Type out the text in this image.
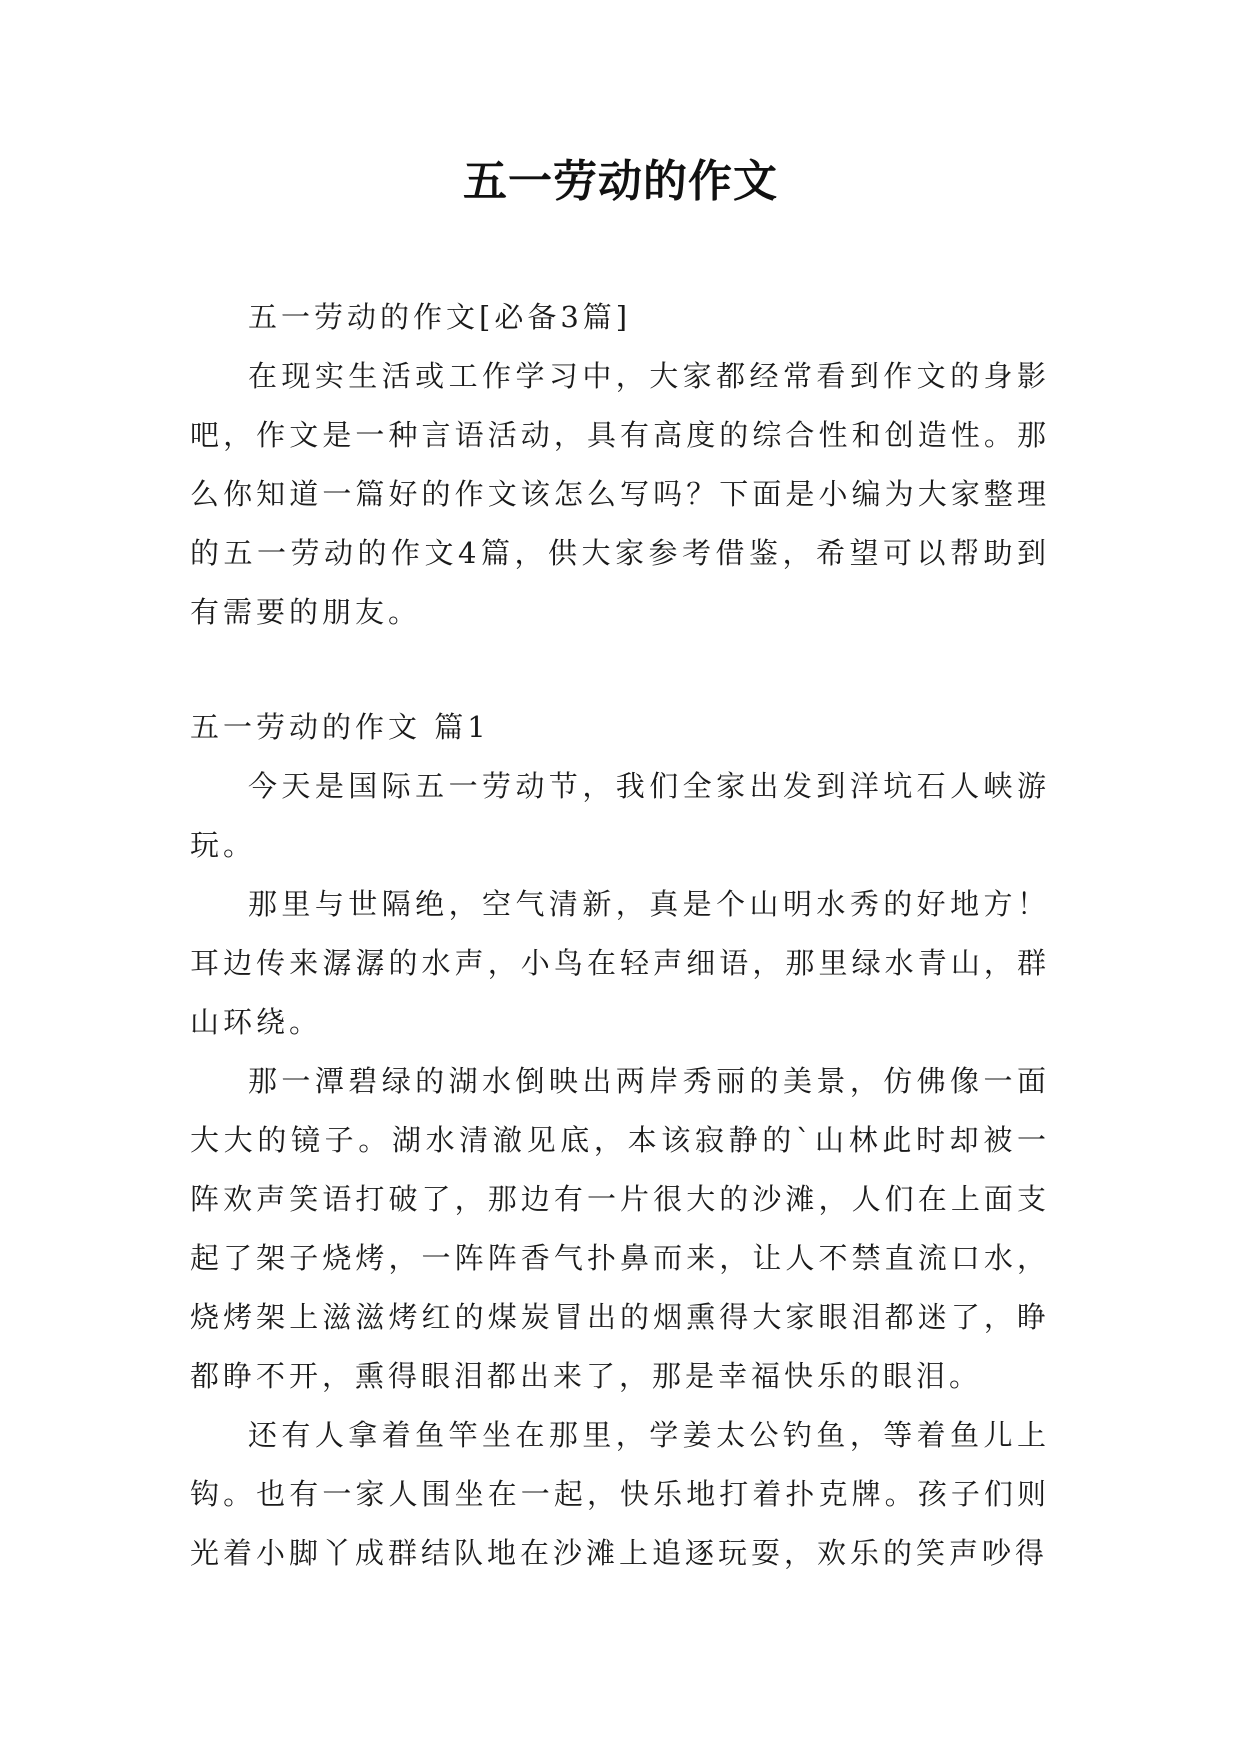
五一劳动的作文

五一劳动的作文[必备3篇]

在现实生活或工作学习中，大家都经常看到作文的身影吧，作文是一种言语活动，具有高度的综合性和创造性。那么你知道一篇好的作文该怎么写吗？下面是小编为大家整理的五一劳动的作文4篇，供大家参考借鉴，希望可以帮助到有需要的朋友。

五一劳动的作文 篇1

今天是国际五一劳动节，我们全家出发到洋坑石人峡游玩。

那里与世隔绝，空气清新，真是个山明水秀的好地方！耳边传来潺潺的水声，小鸟在轻声细语，那里绿水青山，群山环绕。

那一潭碧绿的湖水倒映出两岸秀丽的美景，仿佛像一面大大的镜子。湖水清澈见底，本该寂静的`山林此时却被一阵欢声笑语打破了，那边有一片很大的沙滩，人们在上面支起了架子烧烤，一阵阵香气扑鼻而来，让人不禁直流口水，烧烤架上滋滋烤红的煤炭冒出的烟熏得大家眼泪都迷了，睁都睁不开，熏得眼泪都出来了，那是幸福快乐的眼泪。

还有人拿着鱼竿坐在那里，学姜太公钓鱼，等着鱼儿上钩。也有一家人围坐在一起，快乐地打着扑克牌。孩子们则光着小脚丫成群结队地在沙滩上追逐玩耍，欢乐的笑声吵得
